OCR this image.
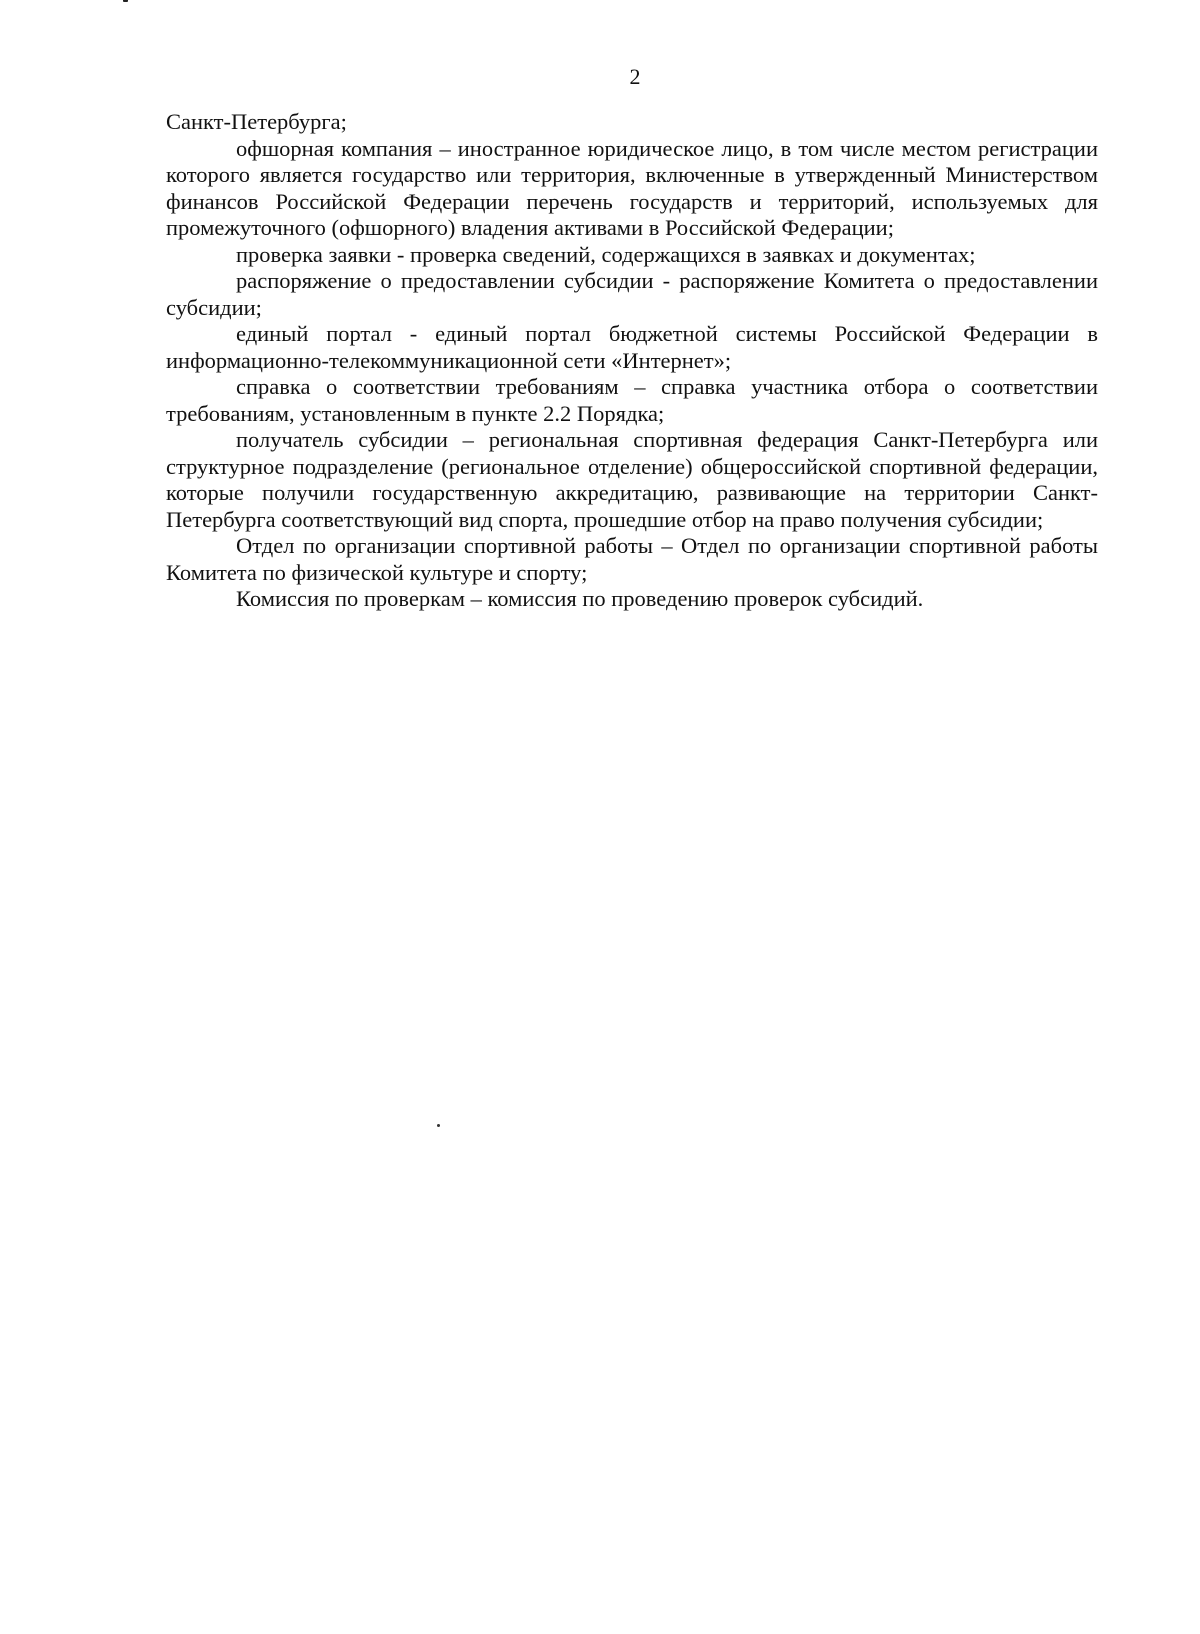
2

Санкт-Петербурга;

офшорная компания – иностранное юридическое лицо, в том числе местом регистрации которого является государство или территория, включенные в утвержденный Министерством финансов Российской Федерации перечень государств и территорий, используемых для промежуточного (офшорного) владения активами в Российской Федерации;

проверка заявки - проверка сведений, содержащихся в заявках и документах;

распоряжение о предоставлении субсидии - распоряжение Комитета о предоставлении субсидии;

единый портал - единый портал бюджетной системы Российской Федерации в информационно-телекоммуникационной сети «Интернет»;

справка о соответствии требованиям – справка участника отбора о соответствии требованиям, установленным в пункте 2.2 Порядка;

получатель субсидии – региональная спортивная федерация Санкт-Петербурга или структурное подразделение (региональное отделение) общероссийской спортивной федерации, которые получили государственную аккредитацию, развивающие на территории Санкт-Петербурга соответствующий вид спорта, прошедшие отбор на право получения субсидии;

Отдел по организации спортивной работы – Отдел по организации спортивной работы Комитета по физической культуре и спорту;

Комиссия по проверкам – комиссия по проведению проверок субсидий.
